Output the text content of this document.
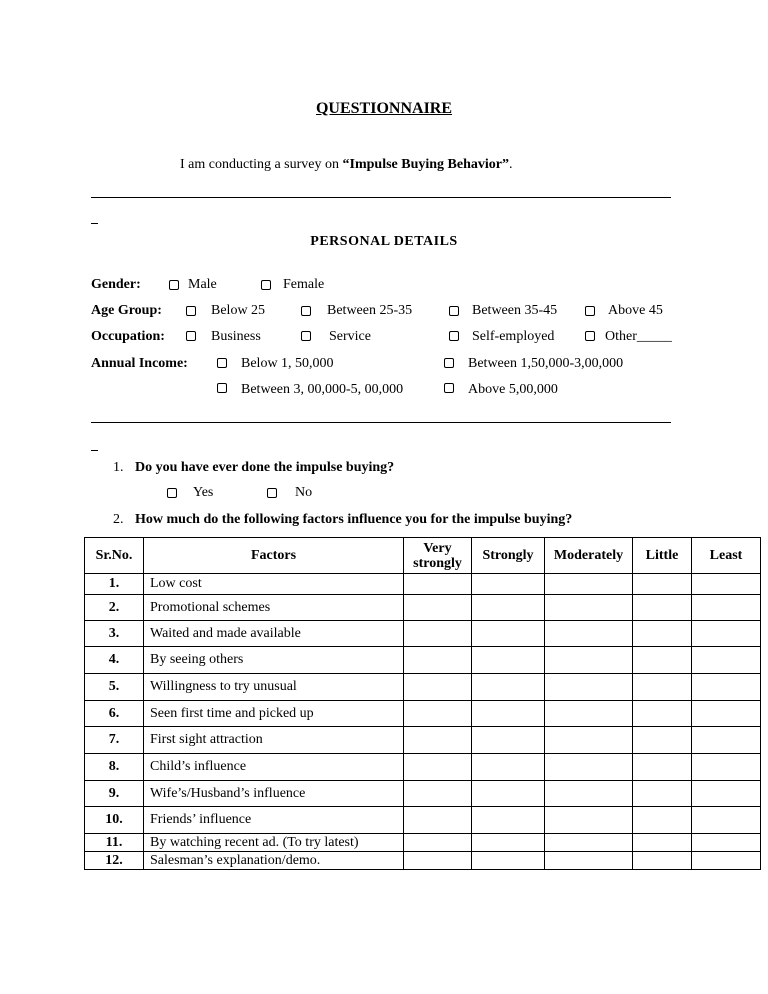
QUESTIONNAIRE
I am conducting a survey on “Impulse Buying Behavior”.
PERSONAL DETAILS
Gender:	Male	Female
Age Group:	Below 25	Between 25-35	Between 35-45	Above 45
Occupation:	Business	Service	Self-employed	Other_____
Annual Income:	Below 1, 50,000	Between 1,50,000-3,00,000
Between 3, 00,000-5, 00,000	Above 5,00,000
1. Do you have ever done the impulse buying?
Yes	No
2. How much do the following factors influence you for the impulse buying?
Sr.No.	Factors	Very strongly	Strongly	Moderately	Little	Least
1.	Low cost					
2.	Promotional schemes					
3.	Waited and made available					
4.	By seeing others					
5.	Willingness to try unusual					
6.	Seen first time and picked up					
7.	First sight attraction					
8.	Child’s influence					
9.	Wife’s/Husband’s influence					
10.	Friends’ influence					
11.	By watching recent ad. (To try latest)					
12.	Salesman’s explanation/demo.					
